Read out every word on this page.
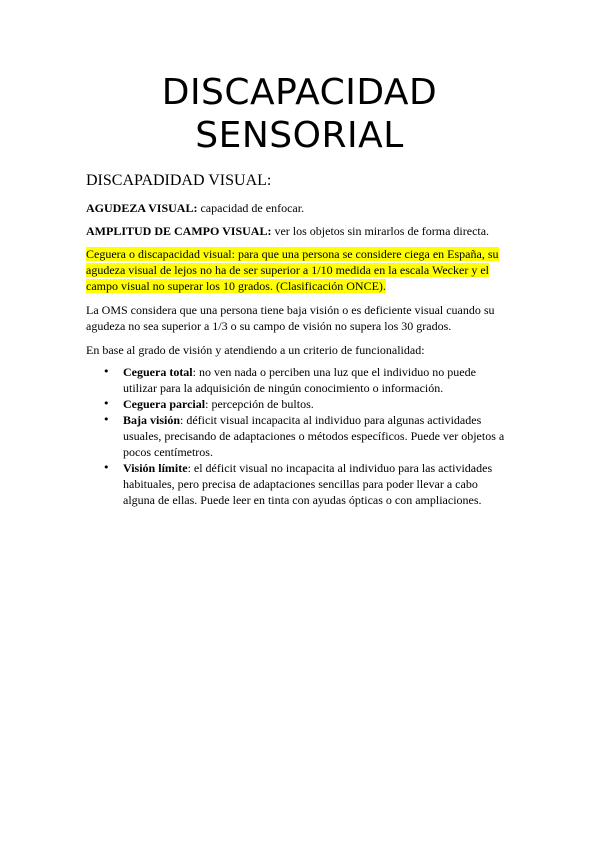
DISCAPACIDAD
SENSORIAL
DISCAPADIDAD VISUAL:

AGUDEZA VISUAL: capacidad de enfocar.

AMPLITUD DE CAMPO VISUAL: ver los objetos sin mirarlos de forma directa.

Ceguera o discapacidad visual: para que una persona se considere ciega en España, su
agudeza visual de lejos no ha de ser superior a 1/10 medida en la escala Wecker y el
campo visual no superar los 10 grados. (Clasificación ONCE).

La OMS considera que una persona tiene baja visión o es deficiente visual cuando su
agudeza no sea superior a 1/3 o su campo de visión no supera los 30 grados.

En base al grado de visión y atendiendo a un criterio de funcionalidad:

• Ceguera total: no ven nada o perciben una luz que el individuo no puede
utilizar para la adquisición de ningún conocimiento o información.
• Ceguera parcial: percepción de bultos.
• Baja visión: déficit visual incapacita al individuo para algunas actividades
usuales, precisando de adaptaciones o métodos específicos. Puede ver objetos a
pocos centímetros.
• Visión límite: el déficit visual no incapacita al individuo para las actividades
habituales, pero precisa de adaptaciones sencillas para poder llevar a cabo
alguna de ellas. Puede leer en tinta con ayudas ópticas o con ampliaciones.
